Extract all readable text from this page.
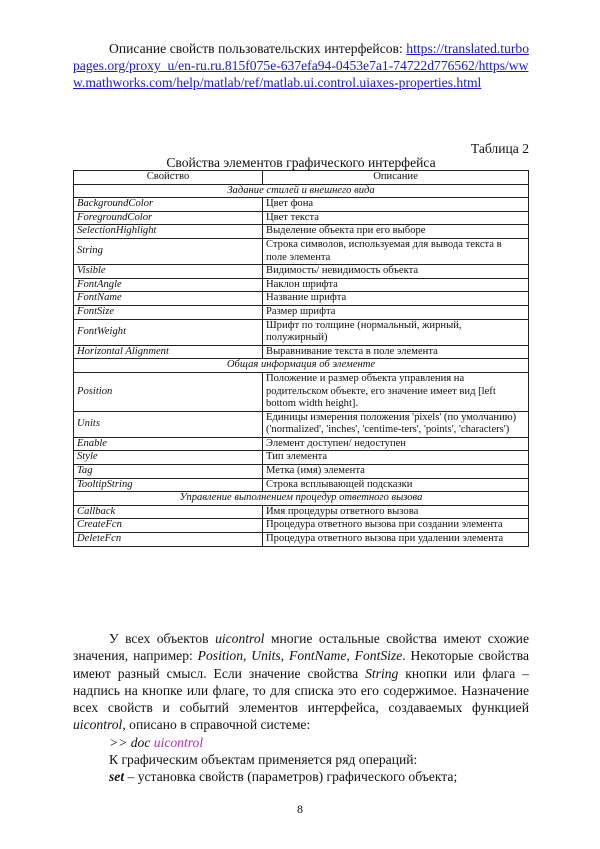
Описание свойств пользовательских интерфейсов: https://translated.turbopages.org/proxy_u/en-ru.ru.815f075e-637efa94-0453e7a1-74722d776562/https/www.mathworks.com/help/matlab/ref/matlab.ui.control.uiaxes-properties.html
Таблица 2
Свойства элементов графического интерфейса
Свойство	Описание
Задание стилей и внешнего вида	
BackgroundColor	Цвет фона
ForegroundColor	Цвет текста
SelectionHighlight	Выделение объекта при его выборе
String	Строка символов, используемая для вывода текста в поле элемента
Visible	Видимость/ невидимость объекта
FontAngle	Наклон шрифта
FontName	Название шрифта
FontSize	Размер шрифта
FontWeight	Шрифт по толщине (нормальный, жирный, полужирный)
Horizontal Alignment	Выравнивание текста в поле элемента
Общая информация об элементе	
Position	Положение и размер объекта управления на родительском объекте, его значение имеет вид [left bottom width height].
Units	Единицы измерения положения 'pixels' (по умолчанию) ('normalized', 'inches', 'centime-ters', 'points', 'characters')
Enable	Элемент доступен/ недоступен
Style	Тип элемента
Tag	Метка (имя) элемента
TooltipString	Строка всплывающей подсказки
Управление выполнением процедур ответного вызова	
Callback	Имя процедуры ответного вызова
CreateFcn	Процедура ответного вызова при создании элемента
DeleteFcn	Процедура ответного вызова при удалении элемента
У всех объектов uicontrol многие остальные свойства имеют схожие значения, например: Position, Units, FontName, FontSize. Некоторые свойства имеют разный смысл. Если значение свойства String кнопки или флага – надпись на кнопке или флаге, то для списка это его содержимое. Назначение всех свойств и событий элементов интерфейса, создаваемых функцией uicontrol, описано в справочной системе:
>> doc uicontrol
К графическим объектам применяется ряд операций:
set – установка свойств (параметров) графического объекта;
8
